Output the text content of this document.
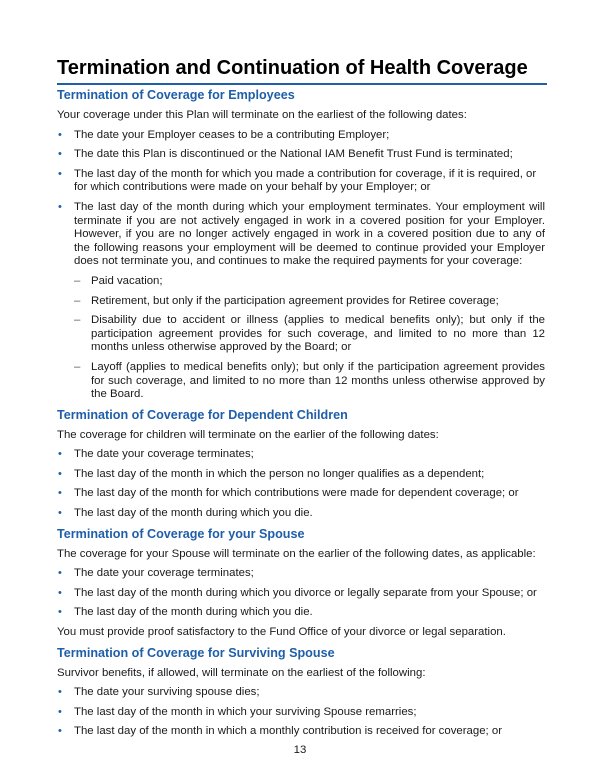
Termination and Continuation of Health Coverage
Termination of Coverage for Employees

Your coverage under this Plan will terminate on the earliest of the following dates:

• The date your Employer ceases to be a contributing Employer;
• The date this Plan is discontinued or the National IAM Benefit Trust Fund is terminated;
• The last day of the month for which you made a contribution for coverage, if it is required, or for which contributions were made on your behalf by your Employer; or
• The last day of the month during which your employment terminates. Your employment will terminate if you are not actively engaged in work in a covered position for your Employer. However, if you are no longer actively engaged in work in a covered position due to any of the following reasons your employment will be deemed to continue provided your Employer does not terminate you, and continues to make the required payments for your coverage:
– Paid vacation;
– Retirement, but only if the participation agreement provides for Retiree coverage;
– Disability due to accident or illness (applies to medical benefits only); but only if the participation agreement provides for such coverage, and limited to no more than 12 months unless otherwise approved by the Board; or
– Layoff (applies to medical benefits only); but only if the participation agreement provides for such coverage, and limited to no more than 12 months unless otherwise approved by the Board.
Termination of Coverage for Dependent Children

The coverage for children will terminate on the earlier of the following dates:

• The date your coverage terminates;
• The last day of the month in which the person no longer qualifies as a dependent;
• The last day of the month for which contributions were made for dependent coverage; or
• The last day of the month during which you die.
Termination of Coverage for your Spouse

The coverage for your Spouse will terminate on the earlier of the following dates, as applicable:

• The date your coverage terminates;
• The last day of the month during which you divorce or legally separate from your Spouse; or
• The last day of the month during which you die.

You must provide proof satisfactory to the Fund Office of your divorce or legal separation.

Termination of Coverage for Surviving Spouse

Survivor benefits, if allowed, will terminate on the earliest of the following:

• The date your surviving spouse dies;
• The last day of the month in which your surviving Spouse remarries;
• The last day of the month in which a monthly contribution is received for coverage; or
13
